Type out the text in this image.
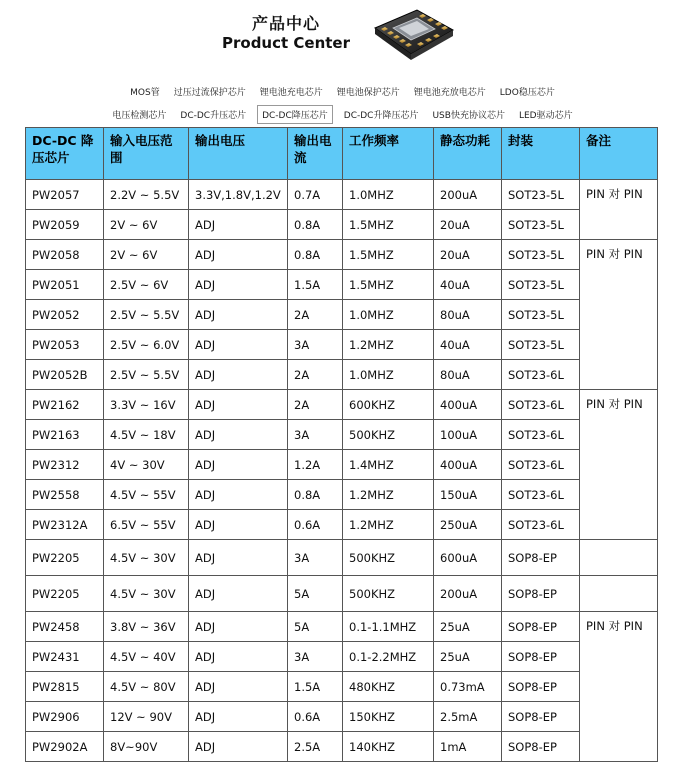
产品中心
Product Center
MOS管 过压过流保护芯片 锂电池充电芯片 锂电池保护芯片 锂电池充放电芯片 LDO稳压芯片
电压检测芯片 DC-DC升压芯片 DC-DC降压芯片 DC-DC升降压芯片 USB快充协议芯片 LED驱动芯片
DC-DC 降压芯片	输入电压范围	输出电压	输出电流	工作频率	静态功耗	封装	备注
PW2057	2.2V ~ 5.5V	3.3V,1.8V,1.2V	0.7A	1.0MHZ	200uA	SOT23-5L	PIN 对 PIN
PW2059	2V ~ 6V	ADJ	0.8A	1.5MHZ	20uA	SOT23-5L	
PW2058	2V ~ 6V	ADJ	0.8A	1.5MHZ	20uA	SOT23-5L	PIN 对 PIN
PW2051	2.5V ~ 6V	ADJ	1.5A	1.5MHZ	40uA	SOT23-5L	
PW2052	2.5V ~ 5.5V	ADJ	2A	1.0MHZ	80uA	SOT23-5L	
PW2053	2.5V ~ 6.0V	ADJ	3A	1.2MHZ	40uA	SOT23-5L	
PW2052B	2.5V ~ 5.5V	ADJ	2A	1.0MHZ	80uA	SOT23-6L	
PW2162	3.3V ~ 16V	ADJ	2A	600KHZ	400uA	SOT23-6L	PIN 对 PIN
PW2163	4.5V ~ 18V	ADJ	3A	500KHZ	100uA	SOT23-6L	
PW2312	4V ~ 30V	ADJ	1.2A	1.4MHZ	400uA	SOT23-6L	
PW2558	4.5V ~ 55V	ADJ	0.8A	1.2MHZ	150uA	SOT23-6L	
PW2312A	6.5V ~ 55V	ADJ	0.6A	1.2MHZ	250uA	SOT23-6L	
PW2205	4.5V ~ 30V	ADJ	3A	500KHZ	600uA	SOP8-EP	
PW2205	4.5V ~ 30V	ADJ	5A	500KHZ	200uA	SOP8-EP	
PW2458	3.8V ~ 36V	ADJ	5A	0.1-1.1MHZ	25uA	SOP8-EP	PIN 对 PIN
PW2431	4.5V ~ 40V	ADJ	3A	0.1-2.2MHZ	25uA	SOP8-EP	
PW2815	4.5V ~ 80V	ADJ	1.5A	480KHZ	0.73mA	SOP8-EP	
PW2906	12V ~ 90V	ADJ	0.6A	150KHZ	2.5mA	SOP8-EP	
PW2902A	8V~90V	ADJ	2.5A	140KHZ	1mA	SOP8-EP	
